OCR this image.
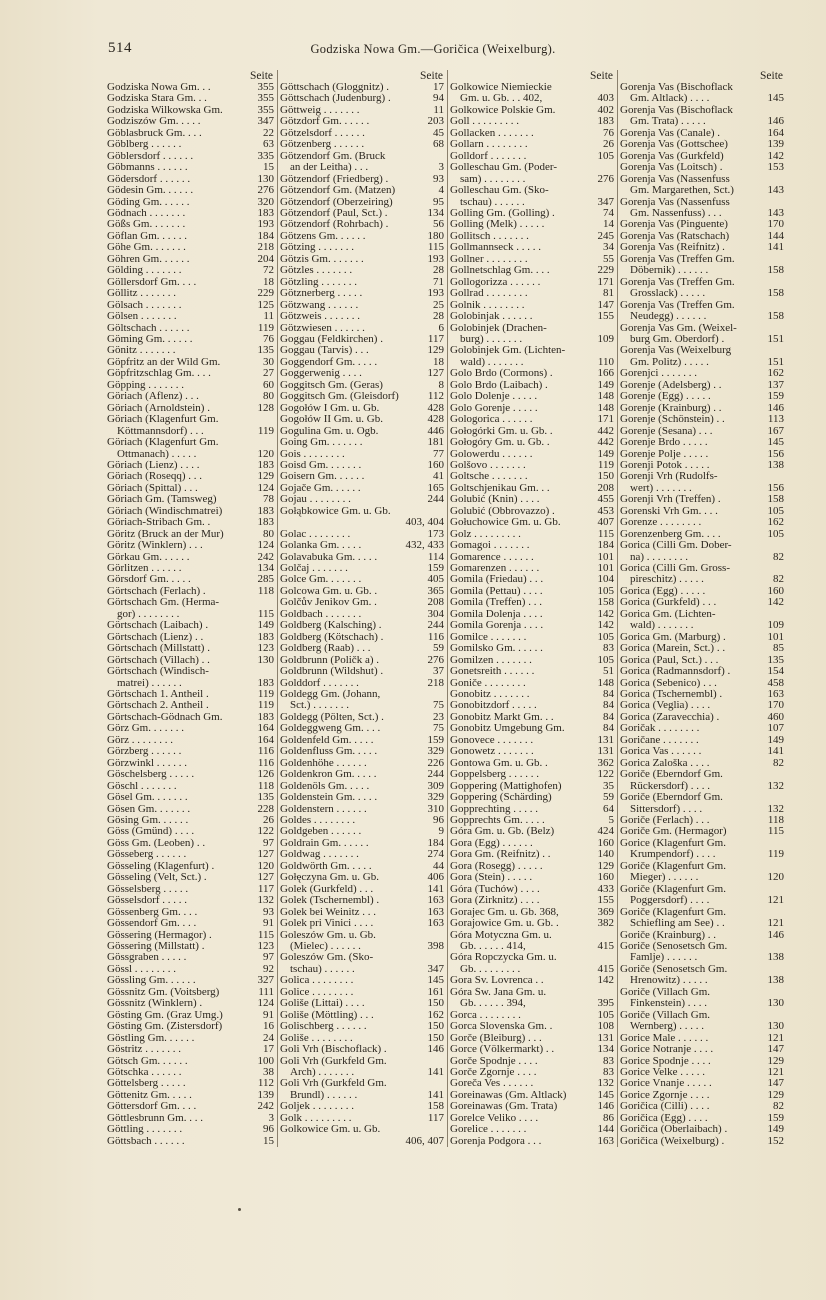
514	Godziska Nowa Gm.—Goričica (Weixelburg).
Seite
Godziska Nowa Gm. . .	355
Godziska Stara Gm. . .	355
Godziska Wilkowska Gm.	355
Godziszów Gm. . . . .	347
Göblasbruck Gm. . . .	22
Göblberg . . . . . .	63
Göblersdorf . . . . . .	335
Göbmanns . . . . . .	15
Gödersdorf . . . . . .	130
Gödesin Gm. . . . . .	276
Göding Gm. . . . . .	320
Gödnach . . . . . . .	183
Gößs Gm. . . . . . .	193
Göflan Gm. . . . . .	184
Göhe Gm. . . . . . .	218
Göhren Gm. . . . . .	204
Gölding . . . . . . .	72
Göllersdorf Gm. . . .	18
Göllitz . . . . . . .	229
Gölsach . . . . . . .	125
Gölsen . . . . . . .	11
Göltschach . . . . . .	119
Göming Gm. . . . . .	76
Gönitz . . . . . . .	135
Göpfritz an der Wild Gm.	30
Göpfritzschlag Gm. . . .	27
Göpping . . . . . . .	60
Göriach (Aflenz) . . .	80
Göriach (Arnoldstein) .	128
Göriach (Klagenfurt Gm.
Köttmannsdorf) . . .	119
Göriach (Klagenfurt Gm.
Ottmanach) . . . . .	120
Göriach (Lienz) . . . .	183
Göriach (Roseqq) . . .	129
Göriach (Spittal) . . .	124
Göriach Gm. (Tamsweg)	78
Göriach (Windischmatrei)	183
Göriach-Stribach Gm. .	183
Göritz (Bruck an der Mur)	80
Göritz (Winklern) . . .	124
Görkau Gm. . . . . .	242
Görlitzen . . . . . .	134
Görsdorf Gm. . . . .	285
Görtschach (Ferlach) .	118
Görtschach Gm. (Herma-
gor) . . . . . . . .	115
Görtschach (Laibach) .	149
Görtschach (Lienz) . .	183
Görtschach (Millstatt) .	123
Görtschach (Villach) . .	130
Görtschach (Windisch-
matrei) . . . . . .	183
Görtschach 1. Antheil .	119
Görtschach 2. Antheil .	119
Görtschach-Gödnach Gm.	183
Görz Gm. . . . . . .	164
Görz . . . . . . . .	164
Görzberg . . . . . .	116
Görzwinkl . . . . . .	116
Göschelsberg . . . . .	126
Göschl . . . . . . .	118
Gösel Gm. . . . . . .	135
Gösen Gm. . . . . . .	228
Gösing Gm. . . . . .	26
Göss (Gmünd) . . . .	122
Göss Gm. (Leoben) . .	97
Gösseberg . . . . . .	127
Gösseling (Klagenfurt) .	120
Gösseling (Velt, Sct.) .	127
Gösselsberg . . . . .	117
Gösselsdorf . . . . .	132
Gössenberg Gm. . . .	93
Gössendorf Gm. . . .	91
Gössering (Hermagor) .	115
Gössering (Millstatt) .	123
Gössgraben . . . . .	97
Gössl . . . . . . . .	92
Gössling Gm. . . . . .	327
Gössnitz Gm. (Voitsberg)	111
Gössnitz (Winklern) .	124
Gösting Gm. (Graz Umg.)	91
Gösting Gm. (Zistersdorf)	16
Göstling Gm. . . . . .	24
Göstritz . . . . . . .	17
Götsch Gm. . . . . .	100
Götschka . . . . . .	38
Göttelsberg . . . . .	112
Göttenitz Gm. . . . .	139
Göttersdorf Gm. . . .	242
Göttlesbrunn Gm. . . .	3
Göttling . . . . . . .	96
Göttsbach . . . . . .	15
Seite
Göttschach (Gloggnitz) .	17
Göttschach (Judenburg) .	94
Göttweig . . . . . . .	11
Götzdorf Gm. . . . . .	203
Götzelsdorf . . . . . .	45
Götzenberg . . . . . .	68
Götzendorf Gm. (Bruck
an der Leitha) . . .	3
Götzendorf (Friedberg) .	93
Götzendorf Gm. (Matzen)	4
Götzendorf (Oberzeiring)	95
Götzendorf (Paul, Sct.) .	134
Götzendorf (Rohrbach) .	56
Götzens Gm. . . . . .	180
Götzing . . . . . . .	115
Götzis Gm. . . . . . .	193
Götzles . . . . . . .	28
Götzling . . . . . . .	71
Götznerberg . . . . .	193
Götzwang . . . . . .	25
Götzweis . . . . . . .	28
Götzwiesen . . . . . .	6
Goggau (Feldkirchen) .	117
Goggau (Tarvis) . . .	129
Goggendorf Gm. . . . .	18
Goggerwenig . . . .	127
Goggitsch Gm. (Geras)	8
Goggitsch Gm. (Gleisdorf)	112
Gogołów I Gm. u. Gb.	428
Gogołów II Gm. u. Gb.	428
Gogulina Gm. u. Ogb.	446
Going Gm. . . . . . .	181
Gois . . . . . . . .	77
Goisd Gm. . . . . . .	160
Goisern Gm. . . . . .	41
Gojače Gm. . . . . .	165
Gojau . . . . . . . .	244
Gołąbkowice Gm. u. Gb.
403, 404
Golac . . . . . . . .	173
Golanka Gm. . . . .	432, 433
Golavabuka Gm. . . . .	114
Golčaj . . . . . . .	159
Golce Gm. . . . . . .	405
Golcowa Gm. u. Gb. .	365
Golčův Jenikov Gm. .	208
Goldbach . . . . . . .	304
Goldberg (Kalsching) .	244
Goldberg (Kötschach) .	116
Goldberg (Raab) . . .	59
Goldbrunn (Poličk a) .	276
Goldbrunn (Wildshut) .	37
Golddorf . . . . . . .	218
Goldegg Gm. (Johann,
Sct.) . . . . . . .	75
Goldegg (Pölten, Sct.) .	23
Goldeggweng Gm. . . .	75
Goldenfeld Gm. . . . .	159
Goldenfluss Gm. . . . .	329
Goldenhöhe . . . . . .	226
Goldenkron Gm. . . . .	244
Goldenöls Gm. . . . .	309
Goldenstein Gm. . . . .	329
Goldenstern . . . . . .	310
Goldes . . . . . . . .	96
Goldgeben . . . . . .	9
Goldrain Gm. . . . . .	184
Goldwag . . . . . . .	274
Goldwörth Gm. . . . .	44
Gołęczyna Gm. u. Gb.	406
Golek (Gurkfeld) . . .	141
Golek (Tschernembl) .	163
Golek bei Weinitz . . .	163
Golek pri Vinici . . . .	163
Goleszów Gm. u. Gb.
(Mielec) . . . . . .	398
Goleszów Gm. (Sko-
tschau) . . . . . .	347
Golica . . . . . . . .	145
Golice . . . . . . . .	161
Goliše (Littai) . . . .	150
Goliše (Möttling) . . .	162
Golischberg . . . . . .	150
Goliše . . . . . . . .	150
Goli Vrh (Bischoflack) .	146
Goli Vrh (Gurkfeld Gm.
Arch) . . . . . . .	141
Goli Vrh (Gurkfeld Gm.
Brundl) . . . . . .	141
Goljek . . . . . . . .	158
Golk . . . . . . . . .	117
Golkowice Gm. u. Gb.
406, 407
Seite
Golkowice Niemieckie
Gm. u. Gb. . . 402,	403
Golkowice Polskie Gm.	402
Goll . . . . . . . . .	183
Gollacken . . . . . . .	76
Gollarn . . . . . . . .	26
Golldorf . . . . . . .	105
Golleschau Gm. (Poder-
sam) . . . . . . . .	276
Golleschau Gm. (Sko-
tschau) . . . . . .	347
Golling Gm. (Golling) .	74
Golling (Melk) . . . . .	14
Gollitsch . . . . . . .	245
Gollmannseck . . . . .	34
Gollner . . . . . . . .	55
Gollnetschlag Gm. . . .	229
Gollogorizza . . . . . .	171
Gollrad . . . . . . . .	81
Golnik . . . . . . . .	147
Golobinjak . . . . . .	155
Golobinjek (Drachen-
burg) . . . . . . .	109
Golobinjek Gm. (Lichten-
wald) . . . . . . .	110
Golo Brdo (Cormons) .	166
Golo Brdo (Laibach) .	149
Golo Dolenje . . . . .	148
Golo Gorenje . . . . .	148
Gologorica . . . . . .	171
Gołogórki Gm. u. Gb. .	442
Gołogóry Gm. u. Gb. .	442
Golowerdu . . . . . .	149
Golšovo . . . . . . .	119
Goltsche . . . . . . .	150
Goltschjenikau Gm. . .	208
Golubić (Knin) . . . .	455
Golubić (Obbrovazzo) .	453
Gołuchowice Gm. u. Gb.	407
Golz . . . . . . . . .	115
Gomagoi . . . . . . .	184
Gomarence . . . . . .	101
Gomarenzen . . . . . .	101
Gomila (Friedau) . . .	104
Gomila (Pettau) . . . .	105
Gomila (Treffen) . . .	158
Gomila Dolenja . . . .	142
Gomila Gorenja . . . .	142
Gomilce . . . . . . .	105
Gomilsko Gm. . . . . .	83
Gomilzen . . . . . . .	105
Gonetsreith . . . . . .	51
Goniče . . . . . . . .	148
Gonobitz . . . . . . .	84
Gonobitzdorf . . . . .	84
Gonobitz Markt Gm. . .	84
Gonobitz Umgebung Gm.	84
Gonovece . . . . . . .	131
Gonowetz . . . . . . .	131
Gontowa Gm. u. Gb. .	362
Goppelsberg . . . . . .	122
Goppering (Mattighofen)	35
Goppering (Schärding)	59
Gopprechting . . . . .	64
Gopprechts Gm. . . . .	5
Góra Gm. u. Gb. (Belz)	424
Gora (Egg) . . . . . .	160
Gora Gm. (Reifnitz) . .	140
Gora (Rosegg) . . . . .	129
Gora (Stein) . . . . .	160
Góra (Tuchów) . . . .	433
Gora (Zirknitz) . . . .	155
Gorajec Gm. u. Gb. 368,	369
Gorajowice Gm. u. Gb. .	382
Góra Motyczna Gm. u.
Gb. . . . . . 414,	415
Góra Ropczycka Gm. u.
Gb. . . . . . . . .	415
Gora Sv. Lovrenca . .	142
Góra Św. Jana Gm. u.
Gb. . . . . . 394,	395
Gorca . . . . . . . .	105
Gorca Slovenska Gm. .	108
Gorče (Bleiburg) . . .	131
Gorce (Völkermarkt) . .	134
Gorče Spodnje . . . .	83
Gorče Zgornje . . . .	83
Goreča Ves . . . . . .	132
Goreinawas (Gm. Altlack)	145
Goreinawas (Gm. Trata)	146
Gorelce Veliko . . . .	86
Gorelice . . . . . . .	144
Gorenja Podgora . . .	163
Seite
Gorenja Vas (Bischoflack
Gm. Altlack) . . . .	145
Gorenja Vas (Bischoflack
Gm. Trata) . . . . .	146
Gorenja Vas (Canale) .	164
Gorenja Vas (Gottschee)	139
Gorenja Vas (Gurkfeld)	142
Gorenja Vas (Loitsch) .	153
Gorenja Vas (Nassenfuss
Gm. Margarethen, Sct.)	143
Gorenja Vas (Nassenfuss
Gm. Nassenfuss) . . .	143
Gorenja Vas (Pinguente)	170
Gorenja Vas (Ratschach)	144
Gorenja Vas (Reifnitz) .	141
Gorenja Vas (Treffen Gm.
Döbernik) . . . . . .	158
Gorenja Vas (Treffen Gm.
Grosslack) . . . . .	158
Gorenja Vas (Treffen Gm.
Neudegg) . . . . . .	158
Gorenja Vas Gm. (Weixel-
burg Gm. Oberdorf) .	151
Gorenja Vas (Weixelburg
Gm. Politz) . . . . .	151
Gorenjci . . . . . . .	162
Gorenje (Adelsberg) . .	137
Gorenje (Egg) . . . . .	159
Gorenje (Krainburg) . .	146
Gorenje (Schönstein) . .	113
Gorenje (Sesana) . . .	167
Gorenje Brdo . . . . .	145
Gorenje Polje . . . . .	156
Gorenji Potok . . . . .	138
Gorenji Vrh (Rudolfs-
wert) . . . . . . .	156
Gorenji Vrh (Treffen) .	158
Gorenski Vrh Gm. . . .	105
Gorenze . . . . . . . .	162
Gorenzenberg Gm. . . .	105
Gorica (Cilli Gm. Dober-
na) . . . . . . . .	82
Gorica (Cilli Gm. Gross-
pireschitz) . . . . .	82
Gorica (Egg) . . . . .	160
Gorica (Gurkfeld) . . .	142
Gorica Gm. (Lichten-
wald) . . . . . . .	109
Gorica Gm. (Marburg) .	101
Gorica (Marein, Sct.) . .	85
Gorica (Paul, Sct.) . . .	135
Gorica (Radmannsdorf) .	154
Gorica (Sebenico) . . .	458
Gorica (Tschernembl) .	163
Gorica (Veglia) . . . .	170
Gorica (Zaravecchia) .	460
Goričak . . . . . . . .	107
Goričane . . . . . . .	149
Gorica Vas . . . . . .	141
Gorica Zaloška . . . .	82
Goriče (Eberndorf Gm.
Rückersdorf) . . . .	132
Goriče (Eberndorf Gm.
Sittersdorf) . . . .	132
Goriče (Ferlach) . . .	118
Goriče Gm. (Hermagor)	115
Gorice (Klagenfurt Gm.
Krumpendorf) . . . .	119
Goriče (Klagenfurt Gm.
Mieger) . . . . . .	120
Goriče (Klagenfurt Gm.
Poggersdorf) . . . .	121
Goriče (Klagenfurt Gm.
Schiefling am See) . .	121
Goriče (Krainburg) . .	146
Goriče (Senosetsch Gm.
Famlje) . . . . . .	138
Goriče (Senosetsch Gm.
Hrenowitz) . . . . .	138
Goriče (Villach Gm.
Finkenstein) . . . .	130
Goriče (Villach Gm.
Wernberg) . . . . .	130
Gorice Male . . . . . .	121
Gorice Notranje . . . .	147
Gorice Spodnje . . . .	129
Gorice Velke . . . . .	121
Gorice Vnanje . . . . .	147
Gorice Zgornje . . . .	129
Goričica (Cilli) . . . .	82
Goričica (Egg) . . . .	159
Goričica (Oberlaibach) .	149
Goričica (Weixelburg) .	152
